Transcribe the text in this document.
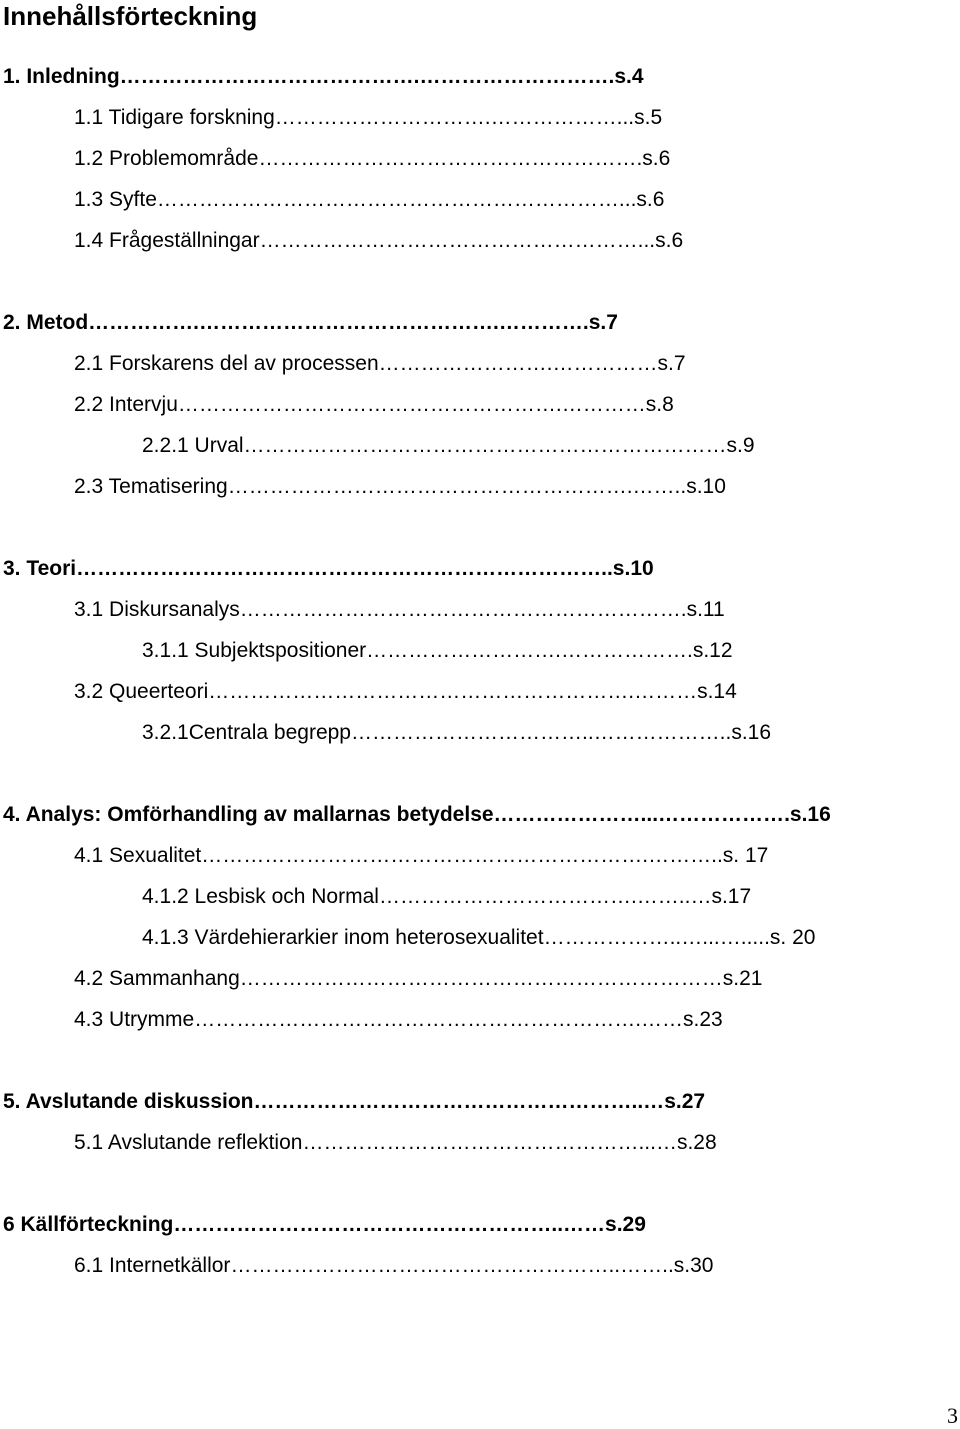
Innehållsförteckning
1. Inledning…………………………………….……………………….s.4
1.1 Tidigare forskning………………………….………………...s.5
1.2 Problemområde……………………………………………….s.6
1.3 Syfte…………………………………………………………...s.6
1.4 Frågeställningar………………………………………………...s.6
2. Metod…………….…………………………………….………….s.7
2.1 Forskarens del av processen…………………….……………s.7
2.2 Intervju……………………………………………….…………s.8
2.2.1 Urval……………………………………………………………s.9
2.3 Tematisering………………………………………………….……..s.10
3. Teori…………………………………………………………………..s.10
3.1 Diskursanalys……………………………………………………….s.11
3.1.1 Subjektspositioner……………………….……………….s.12
3.2 Queerteori…………………………………………………….………s.14
3.2.1Centrala begrepp……………………………..………………..s.16
4. Analys: Omförhandling av mallarnas betydelse…………………...……………….s.16
4.1 Sexualitet……………………………………………………….………..s. 17
4.1.2 Lesbisk och Normal……………………………….……..…s.17
4.1.3 Värdehierarkier inom heterosexualitet………………..…...….....s. 20
4.2 Sammanhang……………………………………………………………s.21
4.3 Utrymme……………………………………………………….……s.23
5. Avslutande diskussion………………………………………………..…s.27
5.1 Avslutande reflektion…………………………………………...…s.28
6 Källförteckning………………………………………………..……s.29
6.1 Internetkällor………………………………………………..……..s.30
3
